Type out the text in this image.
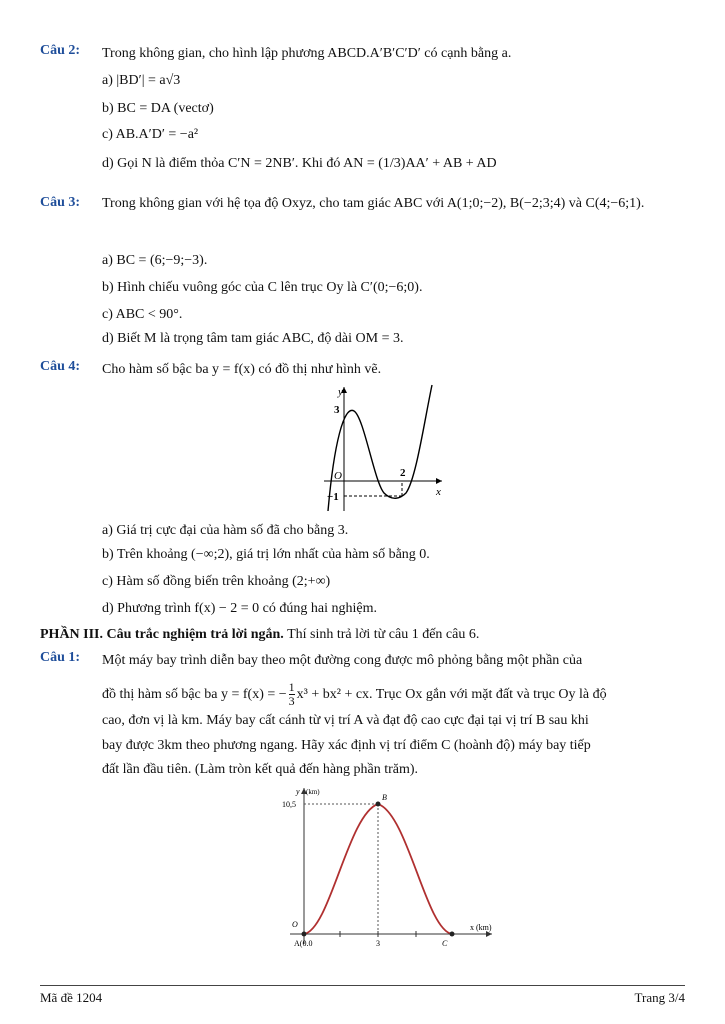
Câu 2: Trong không gian, cho hình lập phương ABCD.A′B′C′D′ có cạnh bằng a.
a) |BD′| = a√3
b) BC = DA (vectơ)
c) AB.A′D′ = −a²
d) Gọi N là điểm thỏa C′N = 2NB′. Khi đó AN = (1/3)AA′ + AB + AD
Câu 3: Trong không gian với hệ tọa độ Oxyz, cho tam giác ABC với A(1;0;−2), B(−2;3;4) và C(4;−6;1).
a) BC = (6;−9;−3).
b) Hình chiếu vuông góc của C lên trục Oy là C′(0;−6;0).
c) ABC < 90°.
d) Biết M là trọng tâm tam giác ABC, độ dài OM = 3.
Câu 4: Cho hàm số bậc ba y = f(x) có đồ thị như hình vẽ.
y
x
3
O	2
−1
a) Giá trị cực đại của hàm số đã cho bằng 3.
b) Trên khoảng (−∞;2), giá trị lớn nhất của hàm số bằng 0.
c) Hàm số đồng biến trên khoảng (2;+∞)
d) Phương trình f(x) − 2 = 0 có đúng hai nghiệm.
PHẦN III. Câu trắc nghiệm trả lời ngắn. Thí sinh trả lời từ câu 1 đến câu 6.
Câu 1: Một máy bay trình diễn bay theo một đường cong được mô phỏng bằng một phần của
đồ thị hàm số bậc ba y = f(x) = − $\frac{1}{3} x^3 + bx^2$ + cx. Trục Ox gắn với mặt đất và trục Oy là độ
cao, đơn vị là km. Máy bay cất cánh từ vị trí A và đạt độ cao cực đại tại vị trí B sau khi
bay được 3km theo phương ngang. Hãy xác định vị trí điểm C (hoành độ) máy bay tiếp
đất lần đầu tiên. (Làm tròn kết quả đến hàng phần trăm).
y (km)
10,5
B
O
A(0.0	3	C
x (km)
Mã đề 1204	Trang 3/4
